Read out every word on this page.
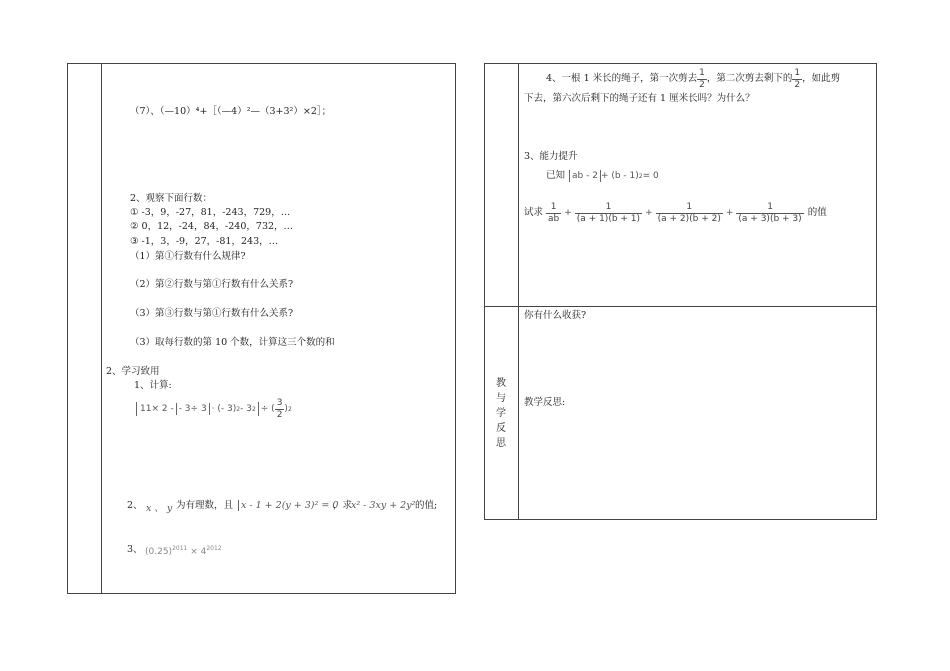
（7）、（—10）⁴+［（—4）²—（3+3²）×2］；
2、观察下面行数：
① -3，9，-27，81，-243，729，…
② 0，12，-24，84，-240，732，…
③ -1，3，-9，27，-81，243，…
（1）第①行数有什么规律?
（2）第②行数与第①行数有什么关系?
（3）第③行数与第①行数有什么关系?
（3）取每行数的第 10 个数，计算这三个数的和
2、学习致用
1、计算:
11× 2 - - 3÷ 3 · (- 3) 2 - 3 2 ÷ ( $\frac{3}{2}$ ) 2
2、 x 、 y 为有理数，且 x - 1 + 2(y + 3)² = 0
，求
x² - 3xy + 2y² 的值;
3、 $(0.25)^{2011} \times 4^{2012}$
4、一根 1 米长的绳子，第一次剪去 $\frac{1}{2}$ ，第二次剪去剩下的 $\frac{1}{2}$ ，如此剪
下去，第六次后剩下的绳子还有 1 厘米长吗？为什么？
3、能力提升
已知 ab - 2 + (b - 1) 2 = 0
试求 $\frac{1}{ab} + \frac{1}{(a + 1)(b + 1)} + \frac{1}{(a + 2)(b + 2)} + \frac{1}{(a + 3)(b + 3)}$ 的值
教与学反思
你有什么收获?
教学反思:
